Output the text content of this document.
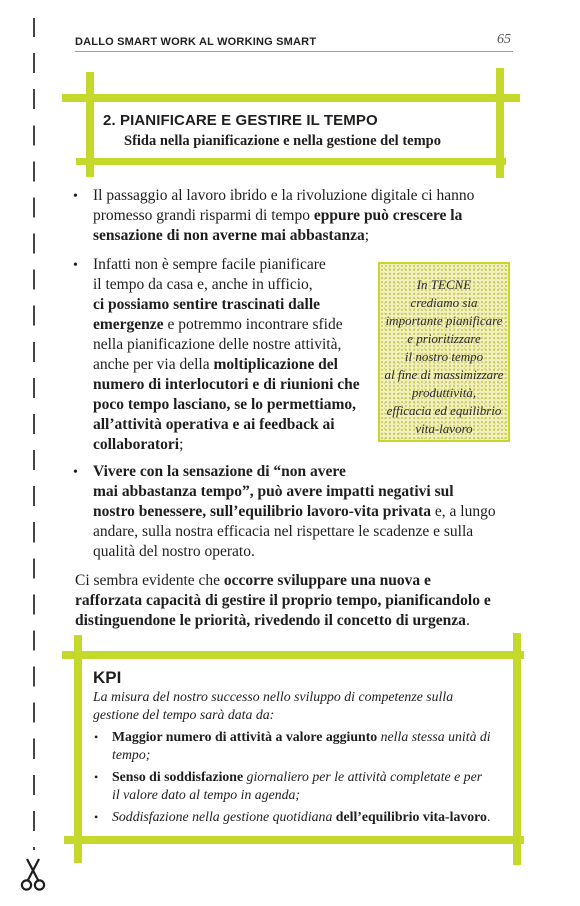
DALLO SMART WORK AL WORKING SMART	65
2. PIANIFICARE E GESTIRE IL TEMPO
Sfida nella pianificazione e nella gestione del tempo
• Il passaggio al lavoro ibrido e la rivoluzione digitale ci hanno
promesso grandi risparmi di tempo eppure può crescere la
sensazione di non averne mai abbastanza;
• Infatti non è sempre facile pianificare
il tempo da casa e, anche in ufficio,
ci possiamo sentire trascinati dalle
emergenze e potremmo incontrare sfide
nella pianificazione delle nostre attività,
anche per via della moltiplicazione del
numero di interlocutori e di riunioni che
poco tempo lasciano, se lo permettiamo,
all’attività operativa e ai feedback ai
collaboratori;
• Vivere con la sensazione di “non avere
mai abbastanza tempo”, può avere impatti negativi sul
nostro benessere, sull’equilibrio lavoro-vita privata e, a lungo
andare, sulla nostra efficacia nel rispettare le scadenze e sulla
qualità del nostro operato.
Ci sembra evidente che occorre sviluppare una nuova e
rafforzata capacità di gestire il proprio tempo, pianificandolo e
distinguendone le priorità, rivedendo il concetto di urgenza.
In TECNE
crediamo sia
importante pianificare
e prioritizzare
il nostro tempo
al fine di massimizzare
produttività,
efficacia ed equilibrio
vita-lavoro
KPI
La misura del nostro successo nello sviluppo di competenze sulla
gestione del tempo sarà data da:
• Maggior numero di attività a valore aggiunto nella stessa unità di
tempo;
• Senso di soddisfazione giornaliero per le attività completate e per
il valore dato al tempo in agenda;
• Soddisfazione nella gestione quotidiana dell’equilibrio vita-lavoro.
